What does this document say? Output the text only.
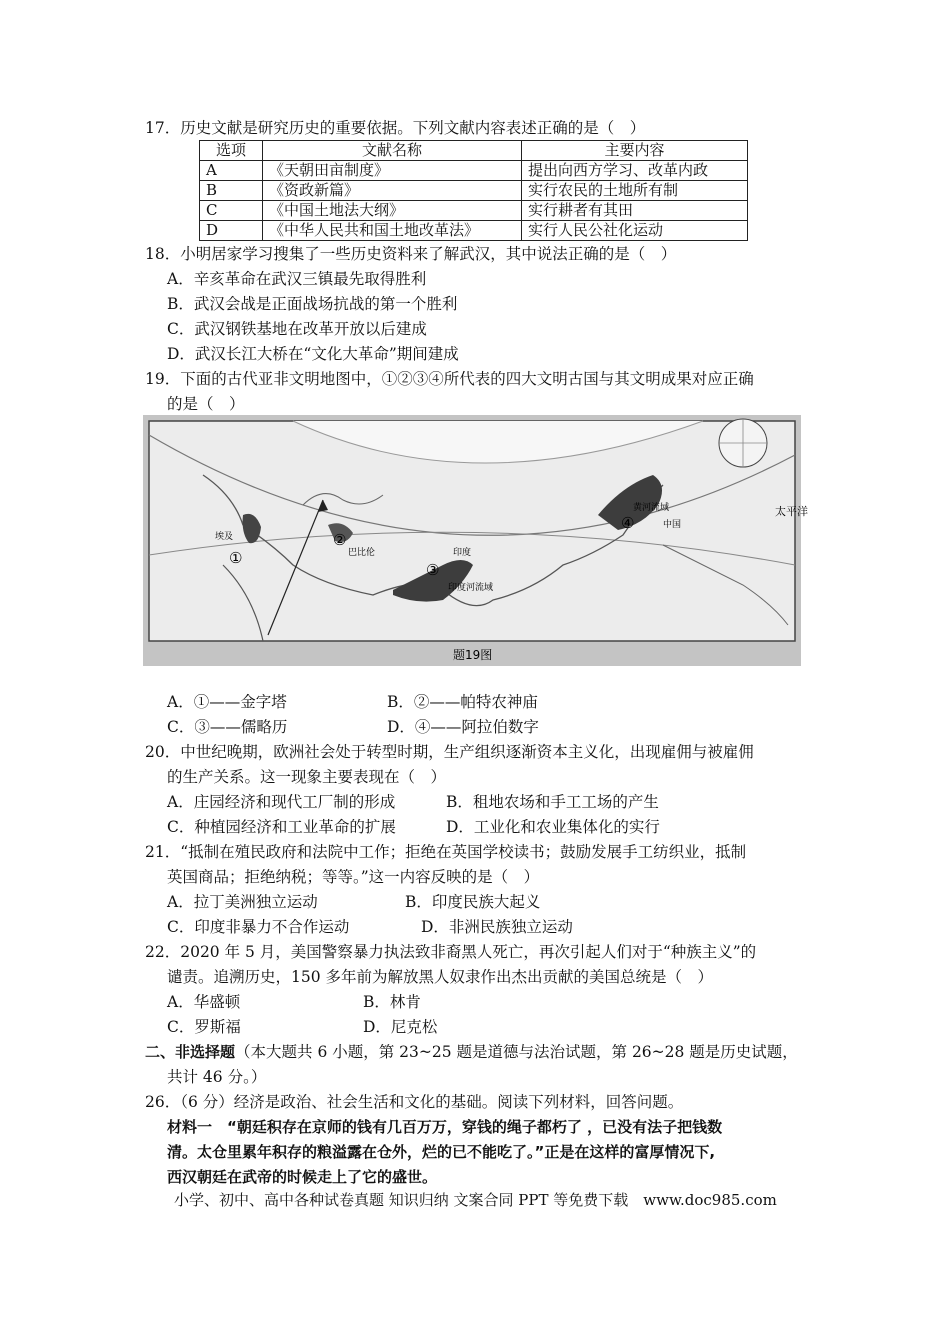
17．历史文献是研究历史的重要依据。下列文献内容表述正确的是（　）
选项	文献名称	主要内容
A	《天朝田亩制度》	提出向西方学习、改革内政
B	《资政新篇》	实行农民的土地所有制
C	《中国土地法大纲》	实行耕者有其田
D	《中华人民共和国土地改革法》	实行人民公社化运动
18．小明居家学习搜集了一些历史资料来了解武汉，其中说法正确的是（　）
A．辛亥革命在武汉三镇最先取得胜利
B．武汉会战是正面战场抗战的第一个胜利
C．武汉钢铁基地在改革开放以后建成
D．武汉长江大桥在“文化大革命”期间建成
19．下面的古代亚非文明地图中，①②③④所代表的四大文明古国与其文明成果对应正确
的是（　）
①
埃及	②
巴比伦
③
印度
印度河流域
④
黄河流域
中国
太平洋
题19图
A．①——金字塔	B．②——帕特农神庙
C．③——儒略历	D．④——阿拉伯数字
20．中世纪晚期，欧洲社会处于转型时期，生产组织逐渐资本主义化，出现雇佣与被雇佣
的生产关系。这一现象主要表现在（　）
A．庄园经济和现代工厂制的形成	B．租地农场和手工工场的产生
C．种植园经济和工业革命的扩展	D．工业化和农业集体化的实行
21．“抵制在殖民政府和法院中工作；拒绝在英国学校读书；鼓励发展手工纺织业，抵制
英国商品；拒绝纳税；等等。”这一内容反映的是（　）
A．拉丁美洲独立运动	B．印度民族大起义
C．印度非暴力不合作运动	D．非洲民族独立运动
22．2020 年 5 月，美国警察暴力执法致非裔黑人死亡，再次引起人们对于“种族主义”的
谴责。追溯历史，150 多年前为解放黑人奴隶作出杰出贡献的美国总统是（　）
A．华盛顿	B．林肯
C．罗斯福	D．尼克松
二、非选择题（本大题共 6 小题，第 23~25 题是道德与法治试题，第 26~28 题是历史试题，
共计 46 分。）
26．（6 分）经济是政治、社会生活和文化的基础。阅读下列材料，回答问题。
材料一　“朝廷积存在京师的钱有几百万万，穿钱的绳子都朽了 ，已没有法子把钱数
清。太仓里累年积存的粮溢露在仓外，烂的已不能吃了。”正是在这样的富厚情况下,
西汉朝廷在武帝的时候走上了它的盛世。
小学、初中、高中各种试卷真题 知识归纳 文案合同 PPT 等免费下载　www.doc985.com
